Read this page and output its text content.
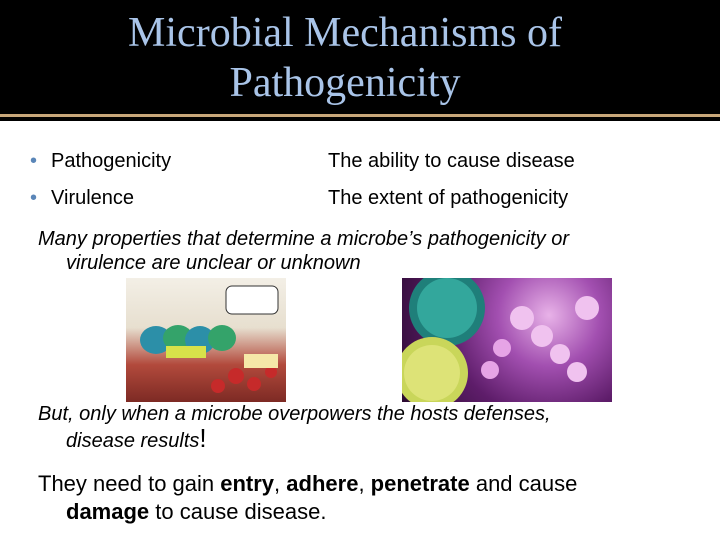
Microbial Mechanisms of
Pathogenicity
• Pathogenicity	The ability to cause disease
• Virulence	The extent of pathogenicity
Many properties that determine a microbe’s pathogenicity or
virulence are unclear or unknown
But, only when a microbe overpowers the hosts defenses,
disease results!
They need to gain entry, adhere, penetrate and cause
damage to cause disease.
